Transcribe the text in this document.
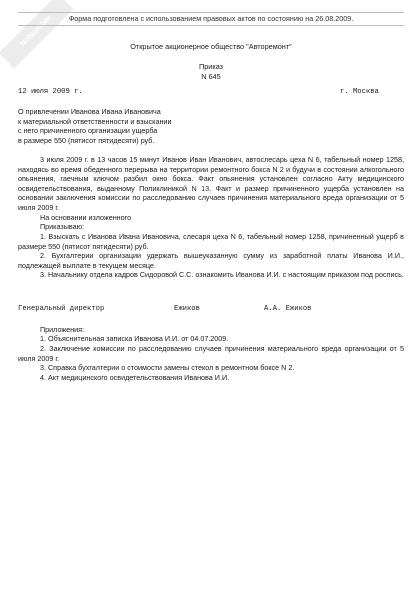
NoNumber	Форма подготовлена с использованием правовых актов по состоянию на 26.08.2009.
Открытое акционерное общество "Авторемонт"
Приказ
N 645
12 июля 2009 г.	г. Москва
О привлечении Иванова Ивана Ивановича
к материальной ответственности и взыскании
с него причиненного организации ущерба
в размере 550 (пятисот пятидесяти) руб.
3 июля 2009 г. в 13 часов 15 минут Иванов Иван Иванович, автослесарь цеха N 6, табельный номер 1258, находясь во время обеденного перерыва на территории ремонтного бокса N 2 и будучи в состоянии алкогольного опьянения, гаечным ключом разбил окно бокса. Факт опьянения установлен согласно Акту медицинского освидетельствования, выданному Поликлиникой N 13. Факт и размер причиненного ущерба установлен на основании заключения комиссии по расследованию случаев причинения материального вреда организации от 5 июля 2009 г.
На основании изложенного
Приказываю:
1. Взыскать с Иванова Ивана Ивановича, слесаря цеха N 6, табельный номер 1258, причиненный ущерб в размере 550 (пятисот пятидесяти) руб.
2. Бухгалтерии организации удержать вышеуказанную сумму из заработной платы Иванова И.И., подлежащей выплате в текущем месяце.
3. Начальнику отдела кадров Сидоровой С.С. ознакомить Иванова И.И. с настоящим приказом под роспись.
Генеральный директор	Ежиков	А.А. Ежиков
Приложения:
1. Объяснительная записка Иванова И.И. от 04.07.2009.
2. Заключение комиссии по расследованию случаев причинения материального вреда организации от 5 июля 2009 г.
3. Справка бухгалтерии о стоимости замены стекол в ремонтном боксе N 2.
4. Акт медицинского освидетельствования Иванова И.И.
